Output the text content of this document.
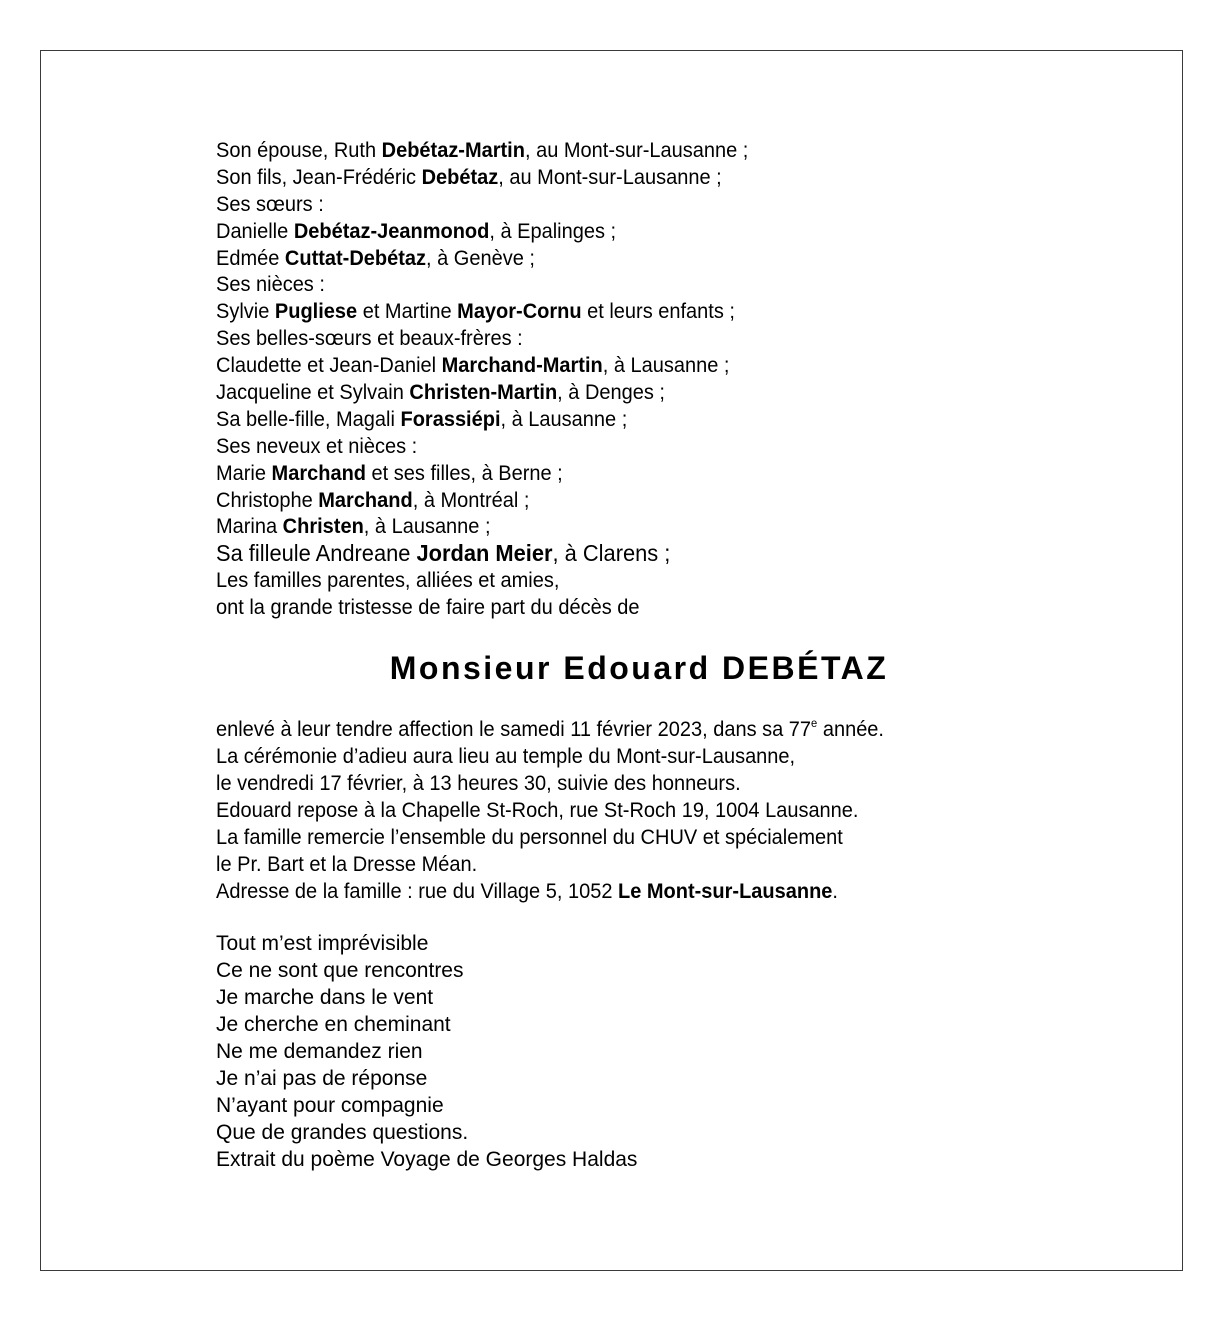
Son épouse, Ruth Debétaz-Martin, au Mont-sur-Lausanne ;
Son fils, Jean-Frédéric Debétaz, au Mont-sur-Lausanne ;
Ses sœurs :
Danielle Debétaz-Jeanmonod, à Epalinges ;
Edmée Cuttat-Debétaz, à Genève ;
Ses nièces :
Sylvie Pugliese et Martine Mayor-Cornu et leurs enfants ;
Ses belles-sœurs et beaux-frères :
Claudette et Jean-Daniel Marchand-Martin, à Lausanne ;
Jacqueline et Sylvain Christen-Martin, à Denges ;
Sa belle-fille, Magali Forassiépi, à Lausanne ;
Ses neveux et nièces :
Marie Marchand et ses filles, à Berne ;
Christophe Marchand, à Montréal ;
Marina Christen, à Lausanne ;
Sa filleule Andreane Jordan Meier, à Clarens ;
Les familles parentes, alliées et amies,
ont la grande tristesse de faire part du décès de
Monsieur Edouard DEBÉTAZ
enlevé à leur tendre affection le samedi 11 février 2023, dans sa 77e année.
La cérémonie d’adieu aura lieu au temple du Mont-sur-Lausanne,
le vendredi 17 février, à 13 heures 30, suivie des honneurs.
Edouard repose à la Chapelle St-Roch, rue St-Roch 19, 1004 Lausanne.
La famille remercie l’ensemble du personnel du CHUV et spécialement
le Pr. Bart et la Dresse Méan.
Adresse de la famille : rue du Village 5, 1052 Le Mont-sur-Lausanne.
Tout m’est imprévisible
Ce ne sont que rencontres
Je marche dans le vent
Je cherche en cheminant
Ne me demandez rien
Je n’ai pas de réponse
N’ayant pour compagnie
Que de grandes questions.
Extrait du poème Voyage de Georges Haldas
